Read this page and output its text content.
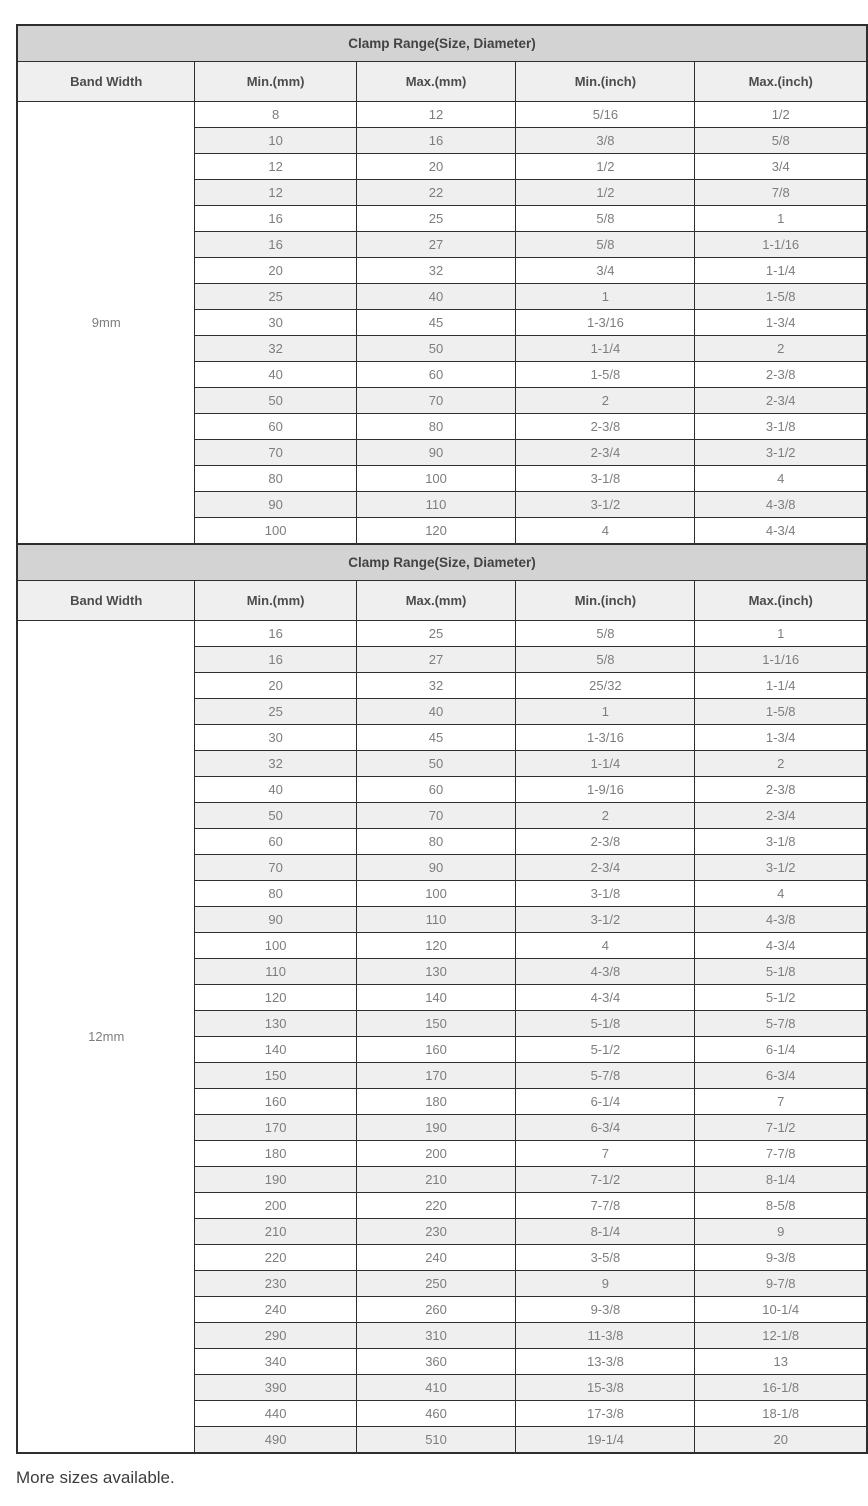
Clamp Range(Size, Diameter)				
Band Width	Min.(mm)	Max.(mm)	Min.(inch)	Max.(inch)
9mm	8	12	5/16	1/2
	10	16	3/8	5/8
	12	20	1/2	3/4
	12	22	1/2	7/8
	16	25	5/8	1
	16	27	5/8	1-1/16
	20	32	3/4	1-1/4
	25	40	1	1-5/8
	30	45	1-3/16	1-3/4
	32	50	1-1/4	2
	40	60	1-5/8	2-3/8
	50	70	2	2-3/4
	60	80	2-3/8	3-1/8
	70	90	2-3/4	3-1/2
	80	100	3-1/8	4
	90	110	3-1/2	4-3/8
	100	120	4	4-3/4
Clamp Range(Size, Diameter)				
Band Width	Min.(mm)	Max.(mm)	Min.(inch)	Max.(inch)
12mm	16	25	5/8	1
	16	27	5/8	1-1/16
	20	32	25/32	1-1/4
	25	40	1	1-5/8
	30	45	1-3/16	1-3/4
	32	50	1-1/4	2
	40	60	1-9/16	2-3/8
	50	70	2	2-3/4
	60	80	2-3/8	3-1/8
	70	90	2-3/4	3-1/2
	80	100	3-1/8	4
	90	110	3-1/2	4-3/8
	100	120	4	4-3/4
	110	130	4-3/8	5-1/8
	120	140	4-3/4	5-1/2
	130	150	5-1/8	5-7/8
	140	160	5-1/2	6-1/4
	150	170	5-7/8	6-3/4
	160	180	6-1/4	7
	170	190	6-3/4	7-1/2
	180	200	7	7-7/8
	190	210	7-1/2	8-1/4
	200	220	7-7/8	8-5/8
	210	230	8-1/4	9
	220	240	3-5/8	9-3/8
	230	250	9	9-7/8
	240	260	9-3/8	10-1/4
	290	310	11-3/8	12-1/8
	340	360	13-3/8	13
	390	410	15-3/8	16-1/8
	440	460	17-3/8	18-1/8
	490	510	19-1/4	20

More sizes available.
